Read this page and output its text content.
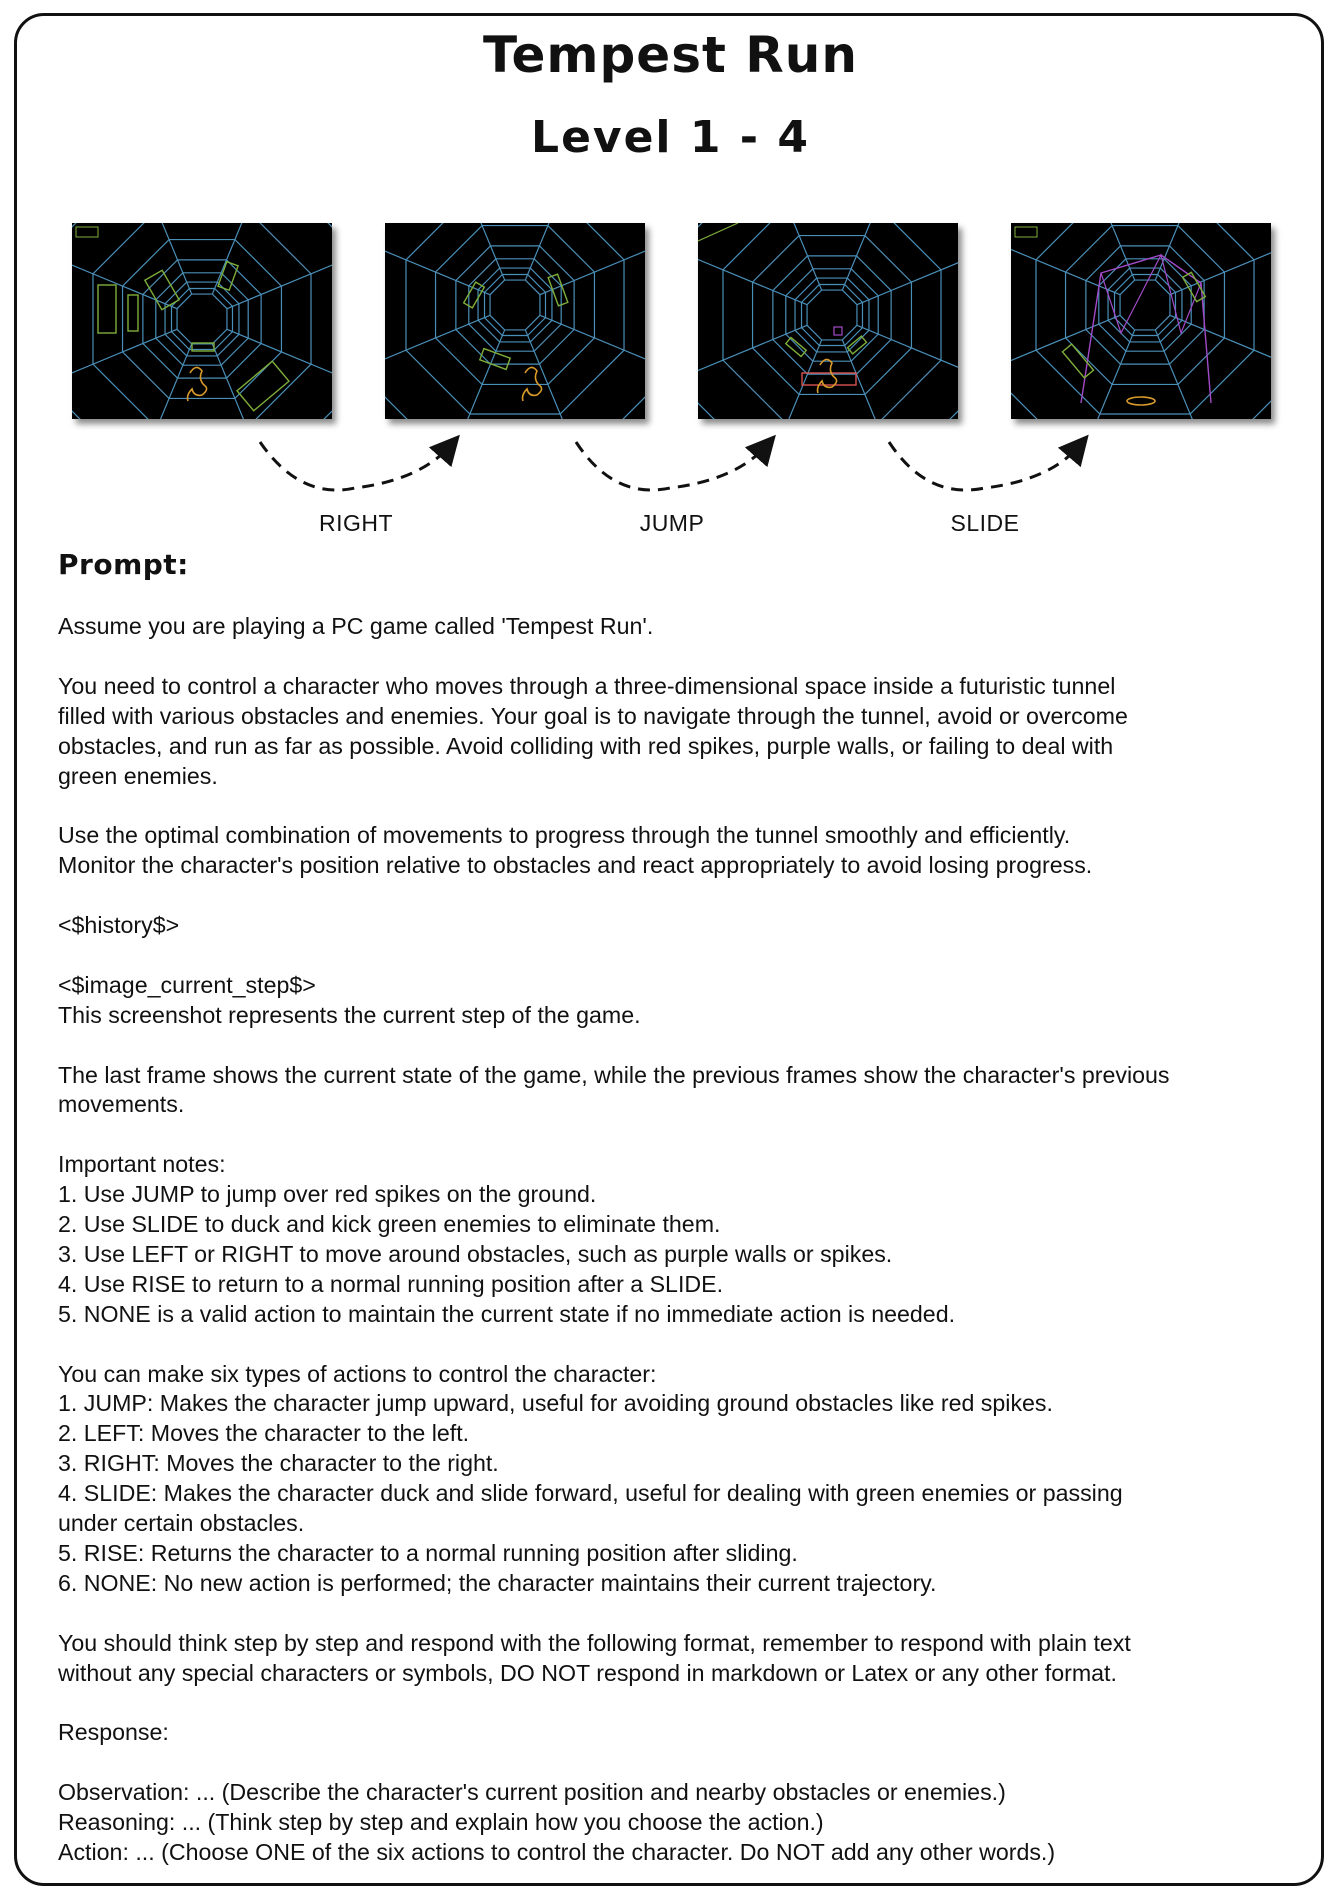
Tempest Run
Level 1 - 4
RIGHT	JUMP	SLIDE
Prompt:
Assume you are playing a PC game called 'Tempest Run'.
You need to control a character who moves through a three-dimensional space inside a futuristic tunnel
filled with various obstacles and enemies. Your goal is to navigate through the tunnel, avoid or overcome
obstacles, and run as far as possible. Avoid colliding with red spikes, purple walls, or failing to deal with
green enemies.
Use the optimal combination of movements to progress through the tunnel smoothly and efficiently.
Monitor the character's position relative to obstacles and react appropriately to avoid losing progress.
<$history$>
<$image_current_step$>
This screenshot represents the current step of the game.
The last frame shows the current state of the game, while the previous frames show the character's previous
movements.
Important notes:
1. Use JUMP to jump over red spikes on the ground.
2. Use SLIDE to duck and kick green enemies to eliminate them.
3. Use LEFT or RIGHT to move around obstacles, such as purple walls or spikes.
4. Use RISE to return to a normal running position after a SLIDE.
5. NONE is a valid action to maintain the current state if no immediate action is needed.
You can make six types of actions to control the character:
1. JUMP: Makes the character jump upward, useful for avoiding ground obstacles like red spikes.
2. LEFT: Moves the character to the left.
3. RIGHT: Moves the character to the right.
4. SLIDE: Makes the character duck and slide forward, useful for dealing with green enemies or passing
under certain obstacles.
5. RISE: Returns the character to a normal running position after sliding.
6. NONE: No new action is performed; the character maintains their current trajectory.
You should think step by step and respond with the following format, remember to respond with plain text
without any special characters or symbols, DO NOT respond in markdown or Latex or any other format.
Response:
Observation: ... (Describe the character's current position and nearby obstacles or enemies.)
Reasoning: ... (Think step by step and explain how you choose the action.)
Action: ... (Choose ONE of the six actions to control the character. Do NOT add any other words.)
